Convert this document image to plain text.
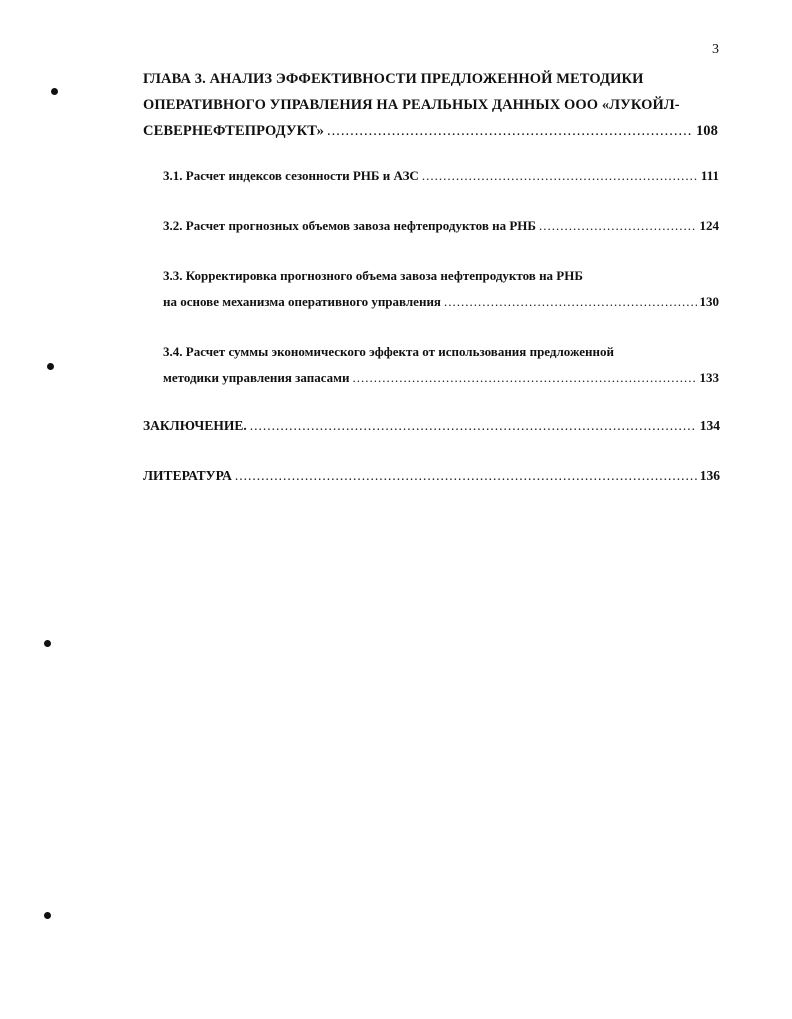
3
ГЛАВА 3. АНАЛИЗ ЭФФЕКТИВНОСТИ ПРЕДЛОЖЕННОЙ МЕТОДИКИ
ОПЕРАТИВНОГО УПРАВЛЕНИЯ НА РЕАЛЬНЫХ ДАННЫХ ООО «ЛУКОЙЛ-
СЕВЕРНЕФТЕПРОДУКТ» .....	108
3.1. Расчет индексов сезонности РНБ и АЗС .....	111
3.2. Расчет прогнозных объемов завоза нефтепродуктов на РНБ .....	124
3.3. Корректировка прогнозного объема завоза нефтепродуктов на РНБ
на основе механизма оперативного управления .....	130
3.4. Расчет суммы экономического эффекта от использования предложенной
методики управления запасами .....	133
ЗАКЛЮЧЕНИЕ. .....	134
ЛИТЕРАТУРА .....	136
